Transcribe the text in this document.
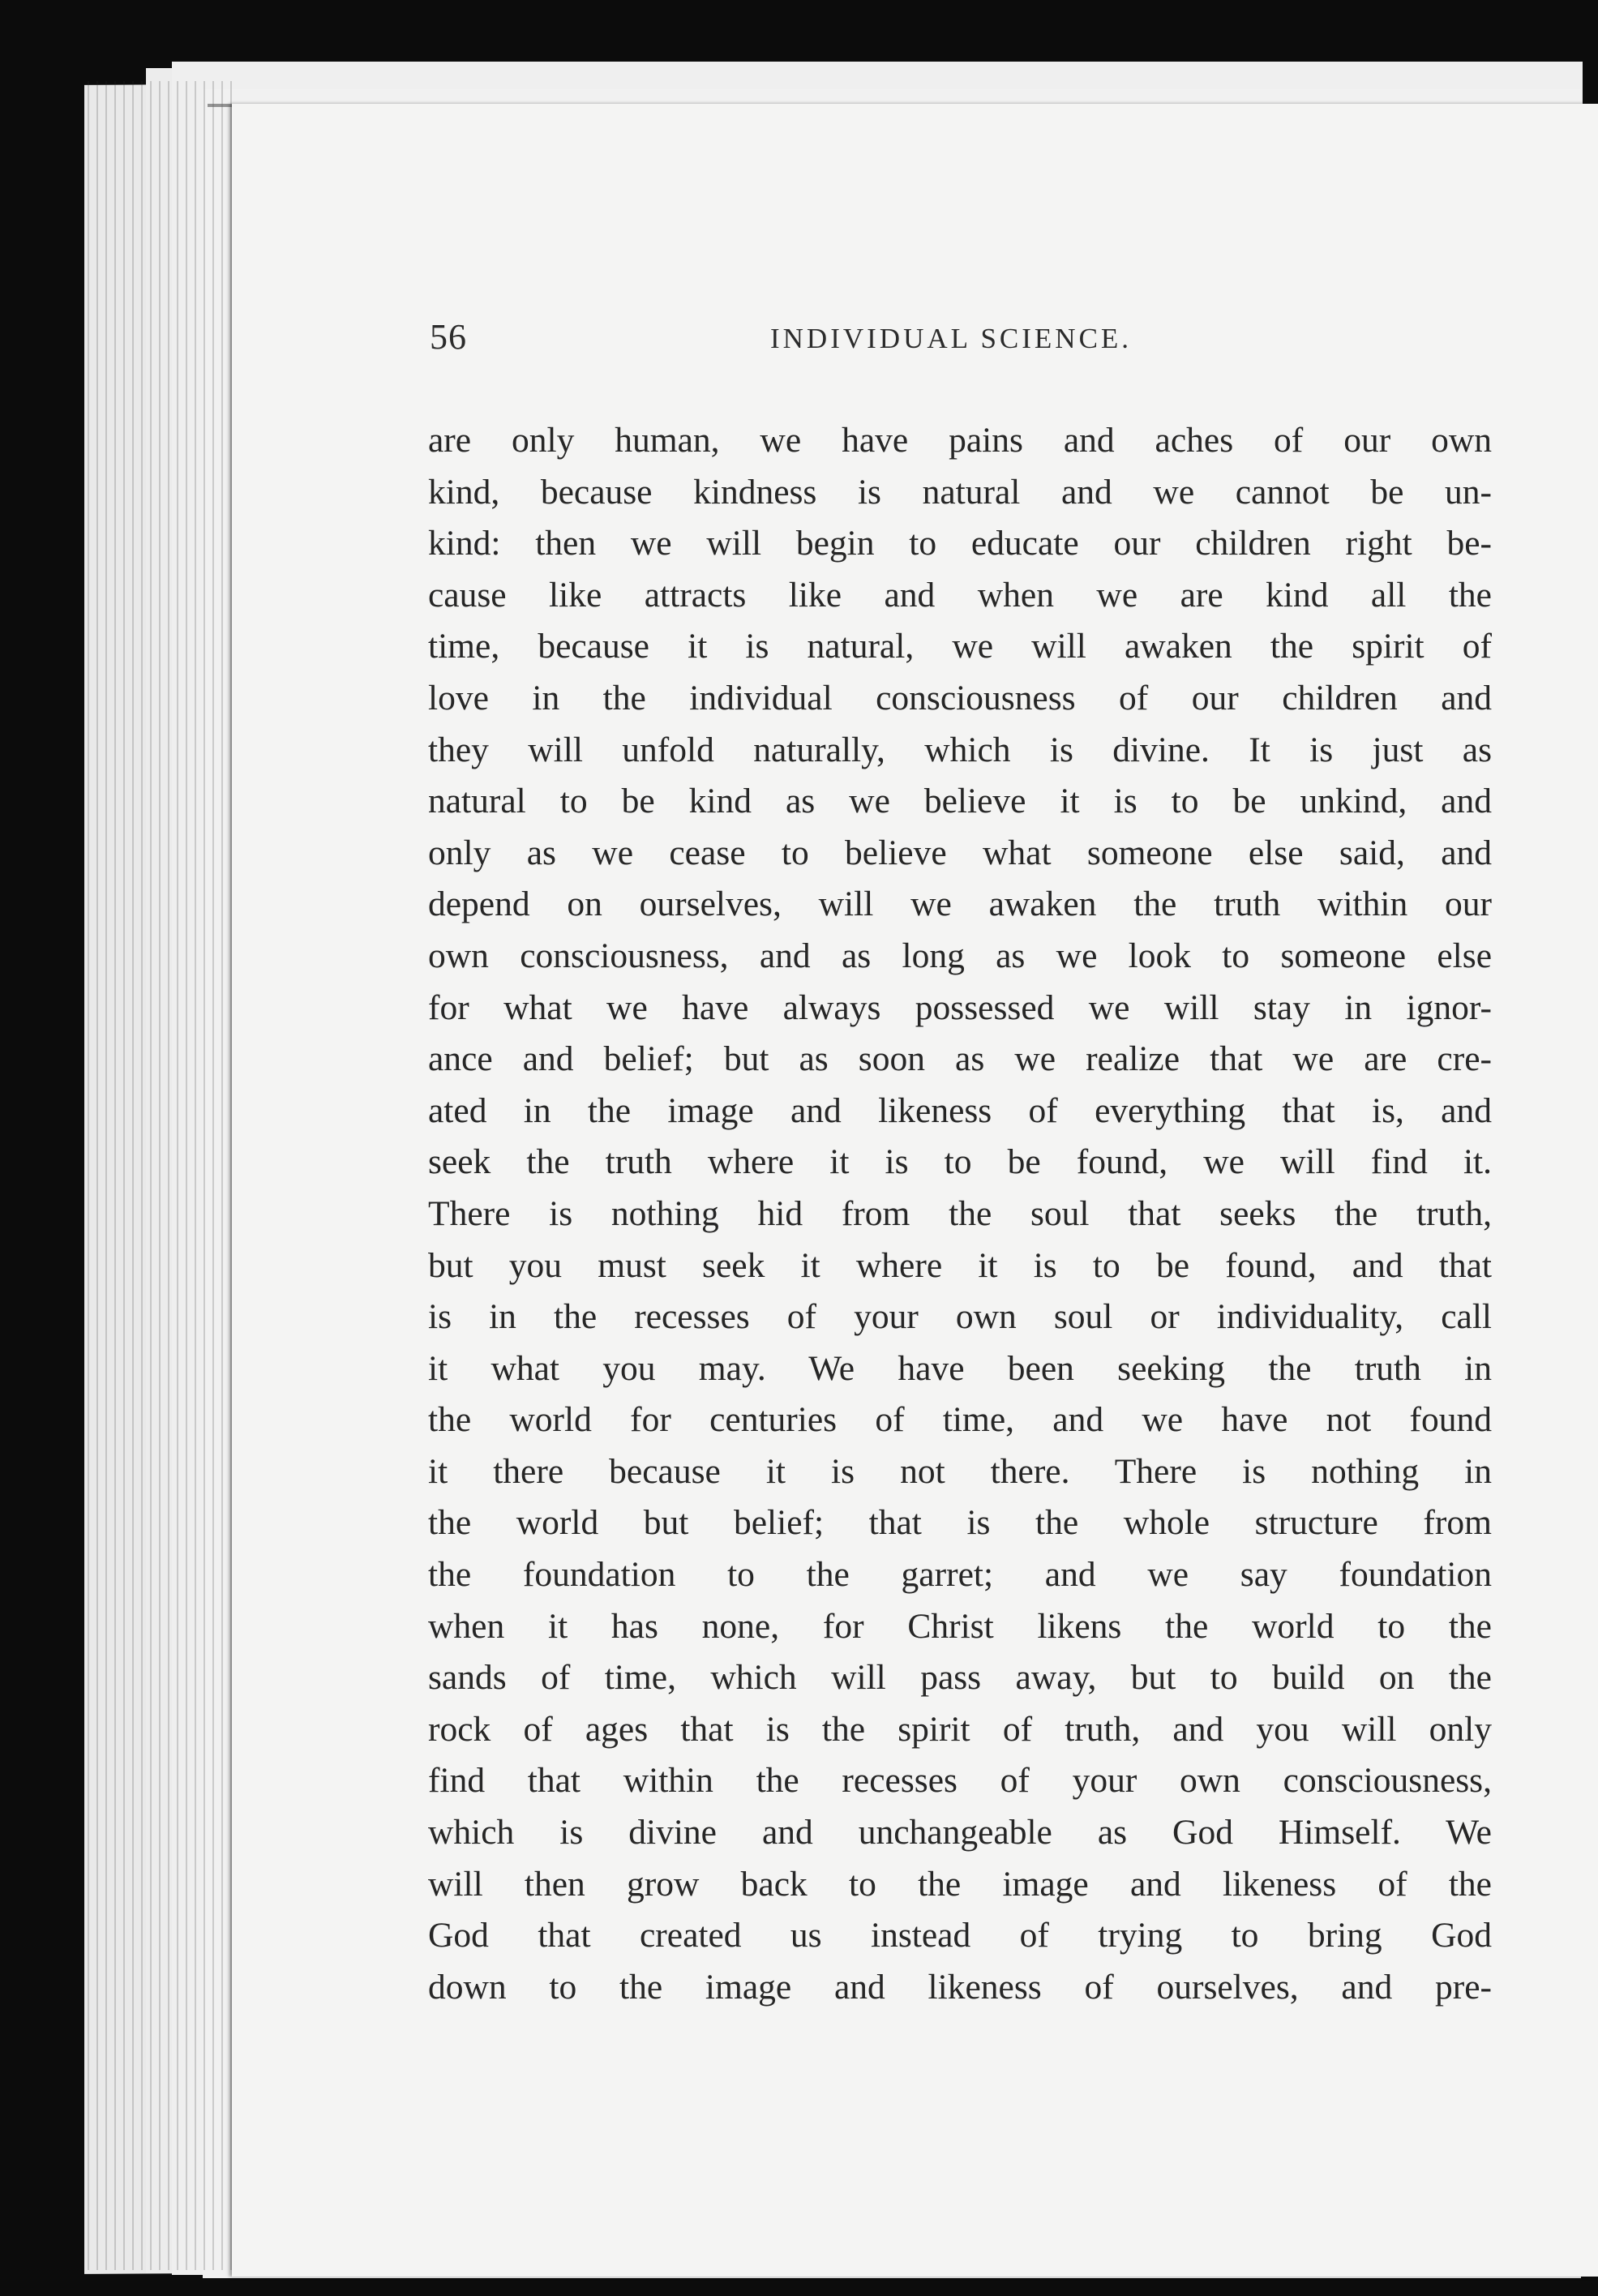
56	INDIVIDUAL SCIENCE.
are only human, we have pains and aches of our own
kind, because kindness is natural and we cannot be un-
kind: then we will begin to educate our children right be-
cause like attracts like and when we are kind all the
time, because it is natural, we will awaken the spirit of
love in the individual consciousness of our children and
they will unfold naturally, which is divine. It is just as
natural to be kind as we believe it is to be unkind, and
only as we cease to believe what someone else said, and
depend on ourselves, will we awaken the truth within our
own consciousness, and as long as we look to someone else
for what we have always possessed we will stay in ignor-
ance and belief; but as soon as we realize that we are cre-
ated in the image and likeness of everything that is, and
seek the truth where it is to be found, we will find it.
There is nothing hid from the soul that seeks the truth,
but you must seek it where it is to be found, and that
is in the recesses of your own soul or individuality, call
it what you may. We have been seeking the truth in
the world for centuries of time, and we have not found
it there because it is not there. There is nothing in
the world but belief; that is the whole structure from
the foundation to the garret; and we say foundation
when it has none, for Christ likens the world to the
sands of time, which will pass away, but to build on the
rock of ages that is the spirit of truth, and you will only
find that within the recesses of your own consciousness,
which is divine and unchangeable as God Himself. We
will then grow back to the image and likeness of the
God that created us instead of trying to bring God
down to the image and likeness of ourselves, and pre-
